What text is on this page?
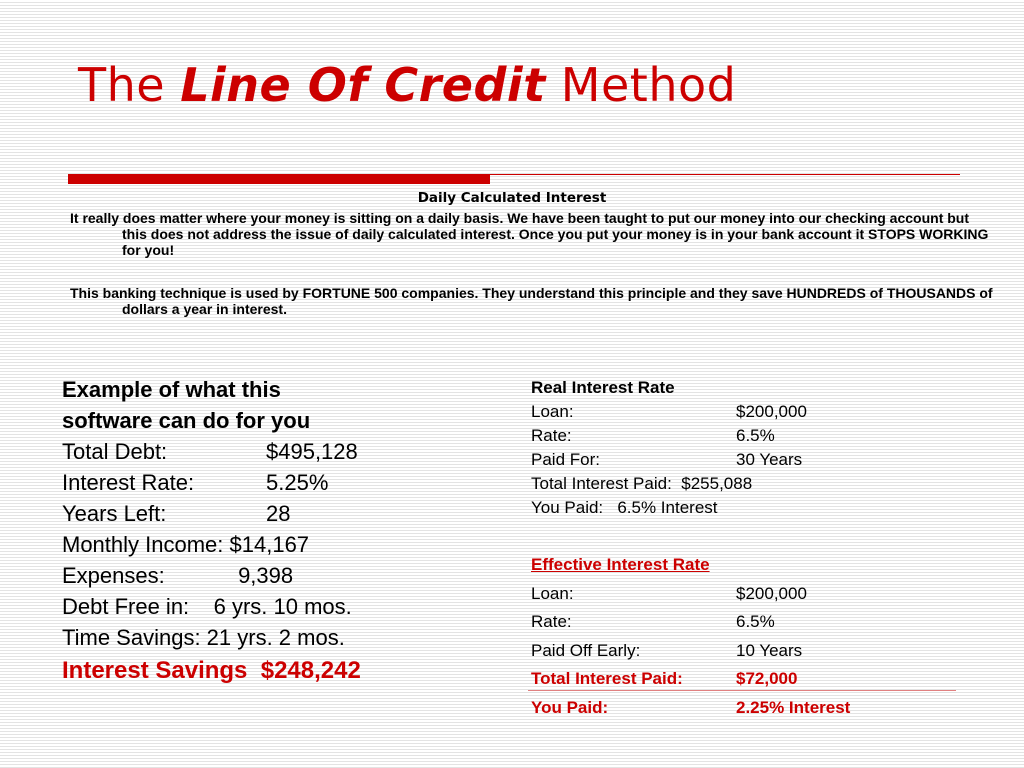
The Line Of Credit Method
Daily Calculated Interest

It really does matter where your money is sitting on a daily basis. We have been taught to put our money into our checking account but this does not address the issue of daily calculated interest. Once you put your money is in your bank account it STOPS WORKING for you!

This banking technique is used by FORTUNE 500 companies. They understand this principle and they save HUNDREDS of THOUSANDS of dollars a year in interest.

Example of what this
software can do for you
Total Debt:	$495,128
Interest Rate:	5.25%
Years Left:	28
Monthly Income: $14,167
Expenses:            9,398
Debt Free in:    6 yrs. 10 mos.
Time Savings: 21 yrs. 2 mos.
Interest Savings  $248,242
Real Interest Rate
Loan:	$200,000
Rate:	6.5%
Paid For:	30 Years
Total Interest Paid:  $255,088
You Paid:   6.5% Interest
Effective Interest Rate
Loan:	$200,000
Rate:	6.5%
Paid Off Early:	10 Years
Total Interest Paid:	$72,000
You Paid:	2.25% Interest
